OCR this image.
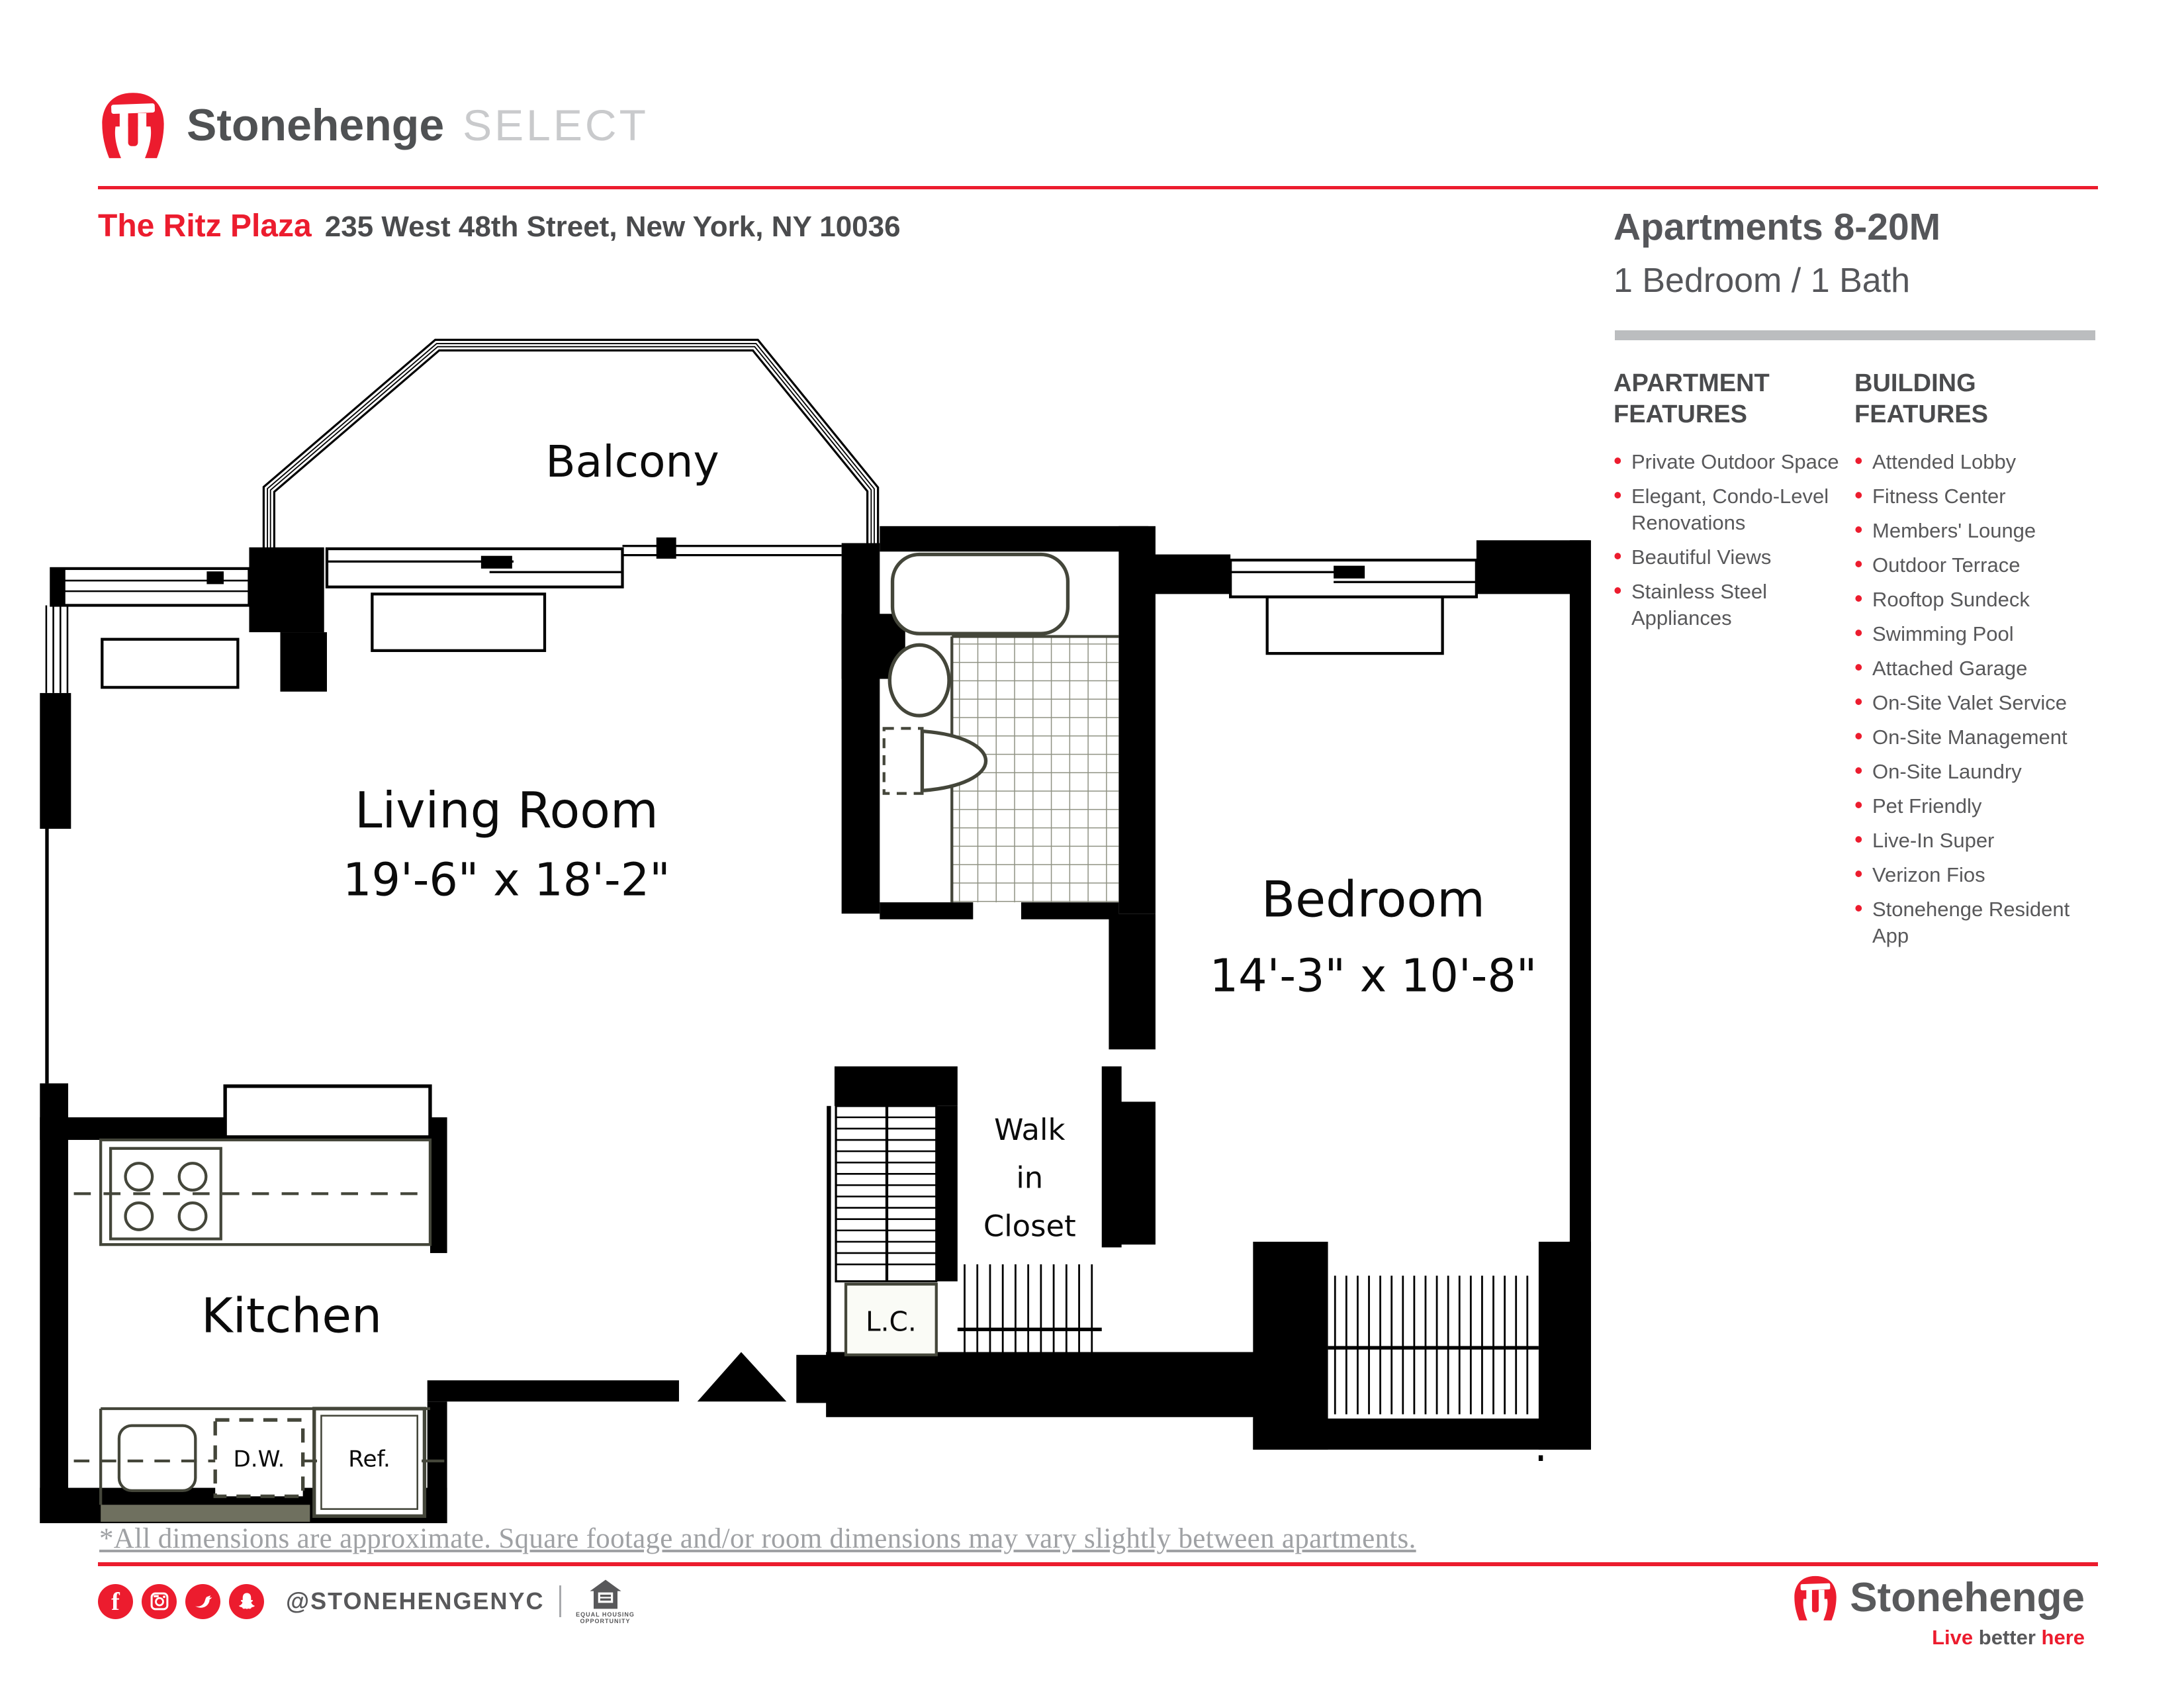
Stonehenge SELECT
The Ritz Plaza 235 West 48th Street, New York, NY 10036	Apartments 8-20M
1 Bedroom / 1 Bath
APARTMENT
FEATURES
• Private Outdoor Space
• Elegant, Condo-Level Renovations
• Beautiful Views
• Stainless Steel Appliances
BUILDING
FEATURES
• Attended Lobby
• Fitness Center
• Members' Lounge
• Outdoor Terrace
• Rooftop Sundeck
• Swimming Pool
• Attached Garage
• On-Site Valet Service
• On-Site Management
• On-Site Laundry
• Pet Friendly
• Live-In Super
• Verizon Fios
• Stonehenge Resident App
Balcony
Living Room
19'-6" x 18'-2"	Bedroom
14'-3" x 10'-8"
Kitchen
Walk
in
Closet
L.C.
D.W.	Ref.
*All dimensions are approximate. Square footage and/or room dimensions may vary slightly between apartments.
f	@STONEHENGENYC	EQUAL HOUSING
OPPORTUNITY
Stonehenge
Live better here
